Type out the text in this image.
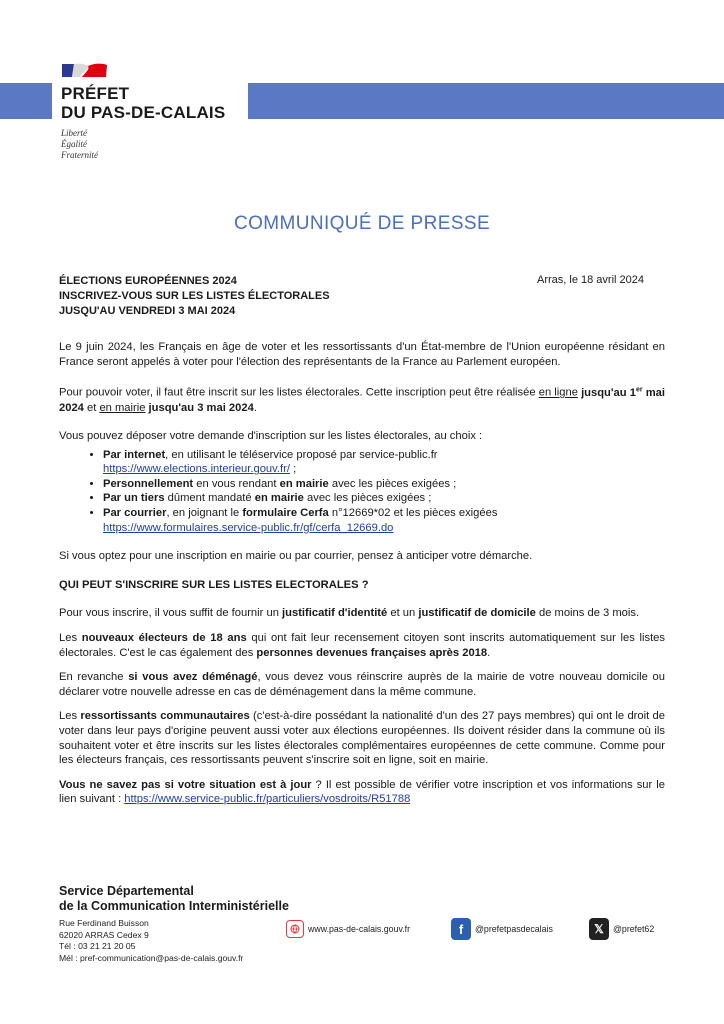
PRÉFET
DU PAS-DE-CALAIS
Liberté
Égalité
Fraternité
COMMUNIQUÉ DE PRESSE
ÉLECTIONS EUROPÉENNES 2024
INSCRIVEZ-VOUS SUR LES LISTES ÉLECTORALES
JUSQU'AU VENDREDI 3 MAI 2024
Arras, le 18 avril 2024

Le 9 juin 2024, les Français en âge de voter et les ressortissants d'un État-membre de l'Union européenne résidant en France seront appelés à voter pour l'élection des représentants de la France au Parlement européen.

Pour pouvoir voter, il faut être inscrit sur les listes électorales. Cette inscription peut être réalisée en ligne jusqu'au 1er mai 2024 et en mairie jusqu'au 3 mai 2024.

Vous pouvez déposer votre demande d'inscription sur les listes électorales, au choix :

• Par internet, en utilisant le téléservice proposé par service-public.fr
https://www.elections.interieur.gouv.fr/ ;
• Personnellement en vous rendant en mairie avec les pièces exigées ;
• Par un tiers dûment mandaté en mairie avec les pièces exigées ;
• Par courrier, en joignant le formulaire Cerfa n°12669*02 et les pièces exigées
https://www.formulaires.service-public.fr/gf/cerfa_12669.do

Si vous optez pour une inscription en mairie ou par courrier, pensez à anticiper votre démarche.

QUI PEUT S'INSCRIRE SUR LES LISTES ELECTORALES ?

Pour vous inscrire, il vous suffit de fournir un justificatif d'identité et un justificatif de domicile de moins de 3 mois.

Les nouveaux électeurs de 18 ans qui ont fait leur recensement citoyen sont inscrits automatiquement sur les listes électorales. C'est le cas également des personnes devenues françaises après 2018.

En revanche si vous avez déménagé, vous devez vous réinscrire auprès de la mairie de votre nouveau domicile ou déclarer votre nouvelle adresse en cas de déménagement dans la même commune.

Les ressortissants communautaires (c'est-à-dire possédant la nationalité d'un des 27 pays membres) qui ont le droit de voter dans leur pays d'origine peuvent aussi voter aux élections européennes. Ils doivent résider dans la commune où ils souhaitent voter et être inscrits sur les listes électorales complémentaires européennes de cette commune. Comme pour les électeurs français, ces ressortissants peuvent s'inscrire soit en ligne, soit en mairie.

Vous ne savez pas si votre situation est à jour ? Il est possible de vérifier votre inscription et vos informations sur le lien suivant : https://www.service-public.fr/particuliers/vosdroits/R51788

Service Départemental
de la Communication Interministérielle
Rue Ferdinand Buisson
62020 ARRAS Cedex 9
Tél : 03 21 21 20 05
Mél : pref-communication@pas-de-calais.gouv.fr
www.pas-de-calais.gouv.fr	f	@prefetpasdecalais	𝕏	@prefet62
